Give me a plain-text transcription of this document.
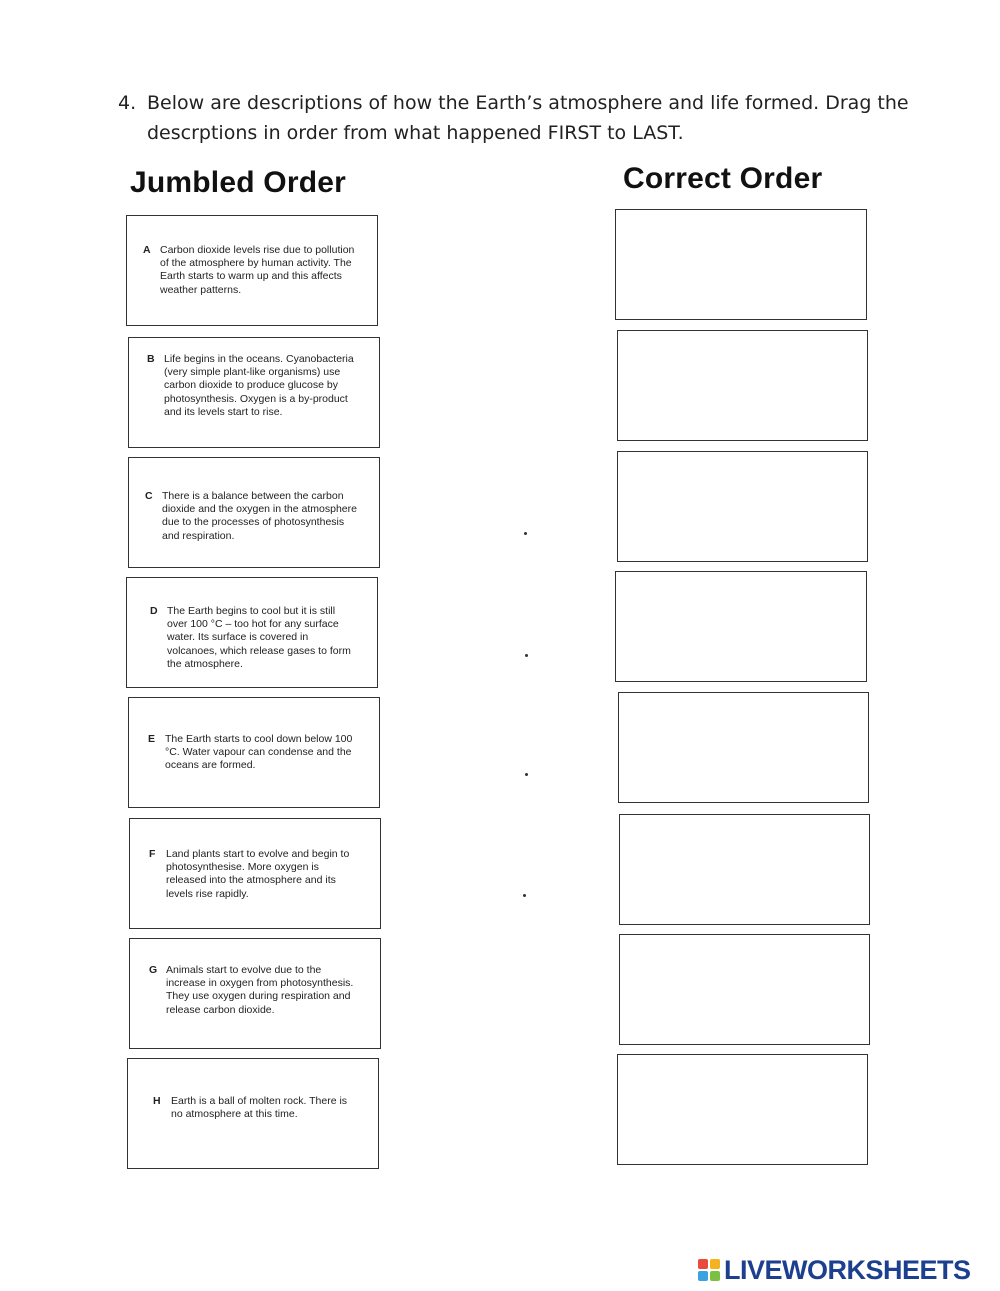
4. Below are descriptions of how the Earth’s atmosphere and life formed. Drag the descrptions in order from what happened FIRST to LAST.
Jumbled Order	Correct Order
A Carbon dioxide levels rise due to pollution of the atmosphere by human activity. The Earth starts to warm up and this affects weather patterns.
B Life begins in the oceans. Cyanobacteria (very simple plant-like organisms) use carbon dioxide to produce glucose by photosynthesis. Oxygen is a by-product and its levels start to rise.
C There is a balance between the carbon dioxide and the oxygen in the atmosphere due to the processes of photosynthesis and respiration.
D The Earth begins to cool but it is still over 100 °C – too hot for any surface water. Its surface is covered in volcanoes, which release gases to form the atmosphere.
E The Earth starts to cool down below 100 °C. Water vapour can condense and the oceans are formed.
F Land plants start to evolve and begin to photosynthesise. More oxygen is released into the atmosphere and its levels rise rapidly.
G Animals start to evolve due to the increase in oxygen from photosynthesis. They use oxygen during respiration and release carbon dioxide.
H Earth is a ball of molten rock. There is no atmosphere at this time.
LIVEWORKSHEETS
